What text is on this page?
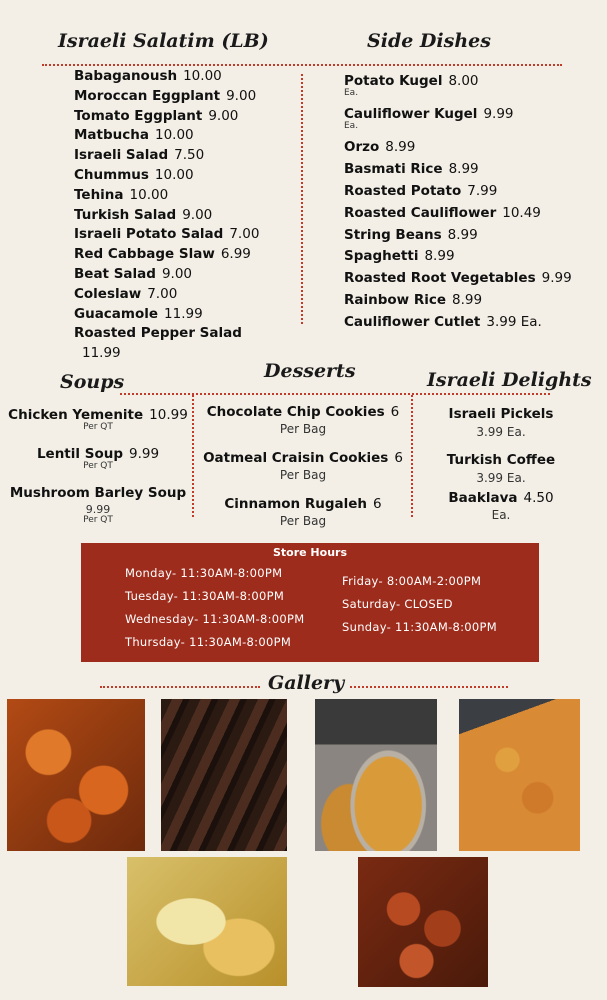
Israeli Salatim (LB)
Babaganoush 10.00
Moroccan Eggplant 9.00
Tomato Eggplant 9.00
Matbucha 10.00
Israeli Salad 7.50
Chummus 10.00
Tehina 10.00
Turkish Salad 9.00
Israeli Potato Salad 7.00
Red Cabbage Slaw 6.99
Beat Salad 9.00
Coleslaw 7.00
Guacamole 11.99
Roasted Pepper Salad
11.99
Side Dishes
Potato Kugel 8.00
Ea.
Cauliflower Kugel 9.99
Ea.
Orzo 8.99
Basmati Rice 8.99
Roasted Potato 7.99
Roasted Cauliflower 10.49
String Beans 8.99
Spaghetti 8.99
Roasted Root Vegetables 9.99
Rainbow Rice 8.99
Cauliflower Cutlet 3.99 Ea.
Soups	Desserts	Israeli Delights
Chicken Yemenite 10.99
Per QT
Lentil Soup 9.99
Per QT
Mushroom Barley Soup
9.99
Per QT
Chocolate Chip Cookies 6
Per Bag
Oatmeal Craisin Cookies 6
Per Bag
Cinnamon Rugaleh 6
Per Bag
Israeli Pickels
3.99 Ea.
Turkish Coffee
3.99 Ea.
Baaklava 4.50
Ea.
Store Hours
Monday- 11:30AM-8:00PM
Tuesday- 11:30AM-8:00PM
Wednesday- 11:30AM-8:00PM
Thursday- 11:30AM-8:00PM
Friday- 8:00AM-2:00PM
Saturday- CLOSED
Sunday- 11:30AM-8:00PM
Gallery
